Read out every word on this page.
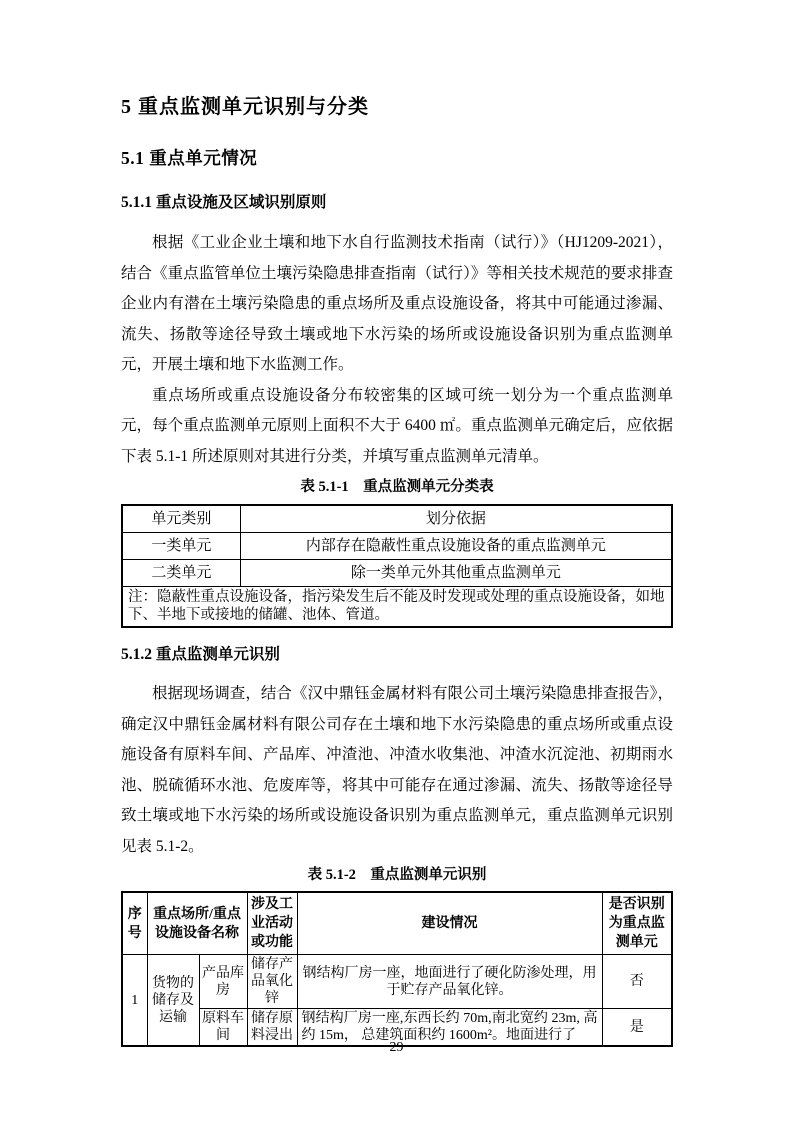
5 重点监测单元识别与分类
5.1 重点单元情况
5.1.1 重点设施及区域识别原则

根据《工业企业土壤和地下水自行监测技术指南（试行）》（HJ1209-2021），结合《重点监管单位土壤污染隐患排查指南（试行）》等相关技术规范的要求排查企业内有潜在土壤污染隐患的重点场所及重点设施设备，将其中可能通过渗漏、流失、扬散等途径导致土壤或地下水污染的场所或设施设备识别为重点监测单元，开展土壤和地下水监测工作。

重点场所或重点设施设备分布较密集的区域可统一划分为一个重点监测单元，每个重点监测单元原则上面积不大于 6400 ㎡。重点监测单元确定后，应依据下表 5.1-1 所述原则对其进行分类，并填写重点监测单元清单。

表 5.1-1　重点监测单元分类表
单元类别	划分依据
一类单元	内部存在隐蔽性重点设施设备的重点监测单元
二类单元	除一类单元外其他重点监测单元
注：隐蔽性重点设施设备，指污染发生后不能及时发现或处理的重点设施设备，如地下、半地下或接地的储罐、池体、管道。	
5.1.2 重点监测单元识别

根据现场调查，结合《汉中鼎钰金属材料有限公司土壤污染隐患排查报告》，确定汉中鼎钰金属材料有限公司存在土壤和地下水污染隐患的重点场所或重点设施设备有原料车间、产品库、冲渣池、冲渣水收集池、冲渣水沉淀池、初期雨水池、脱硫循环水池、危废库等，将其中可能存在通过渗漏、流失、扬散等途径导致土壤或地下水污染的场所或设施设备识别为重点监测单元，重点监测单元识别见表 5.1-2。

表 5.1-2　重点监测单元识别
序号	重点场所/重点设施设备名称		涉及工业活动或功能	建设情况	是否识别为重点监测单元
1	货物的储存及运输	产品库房	储存产品氧化锌	钢结构厂房一座，地面进行了硬化防渗处理，用于贮存产品氧化锌。	否
		原料车间	储存原料浸出	钢结构厂房一座,东西长约 70m,南北宽约 23m, 高约 15m， 总建筑面积约 1600m²。地面进行了	是
29
